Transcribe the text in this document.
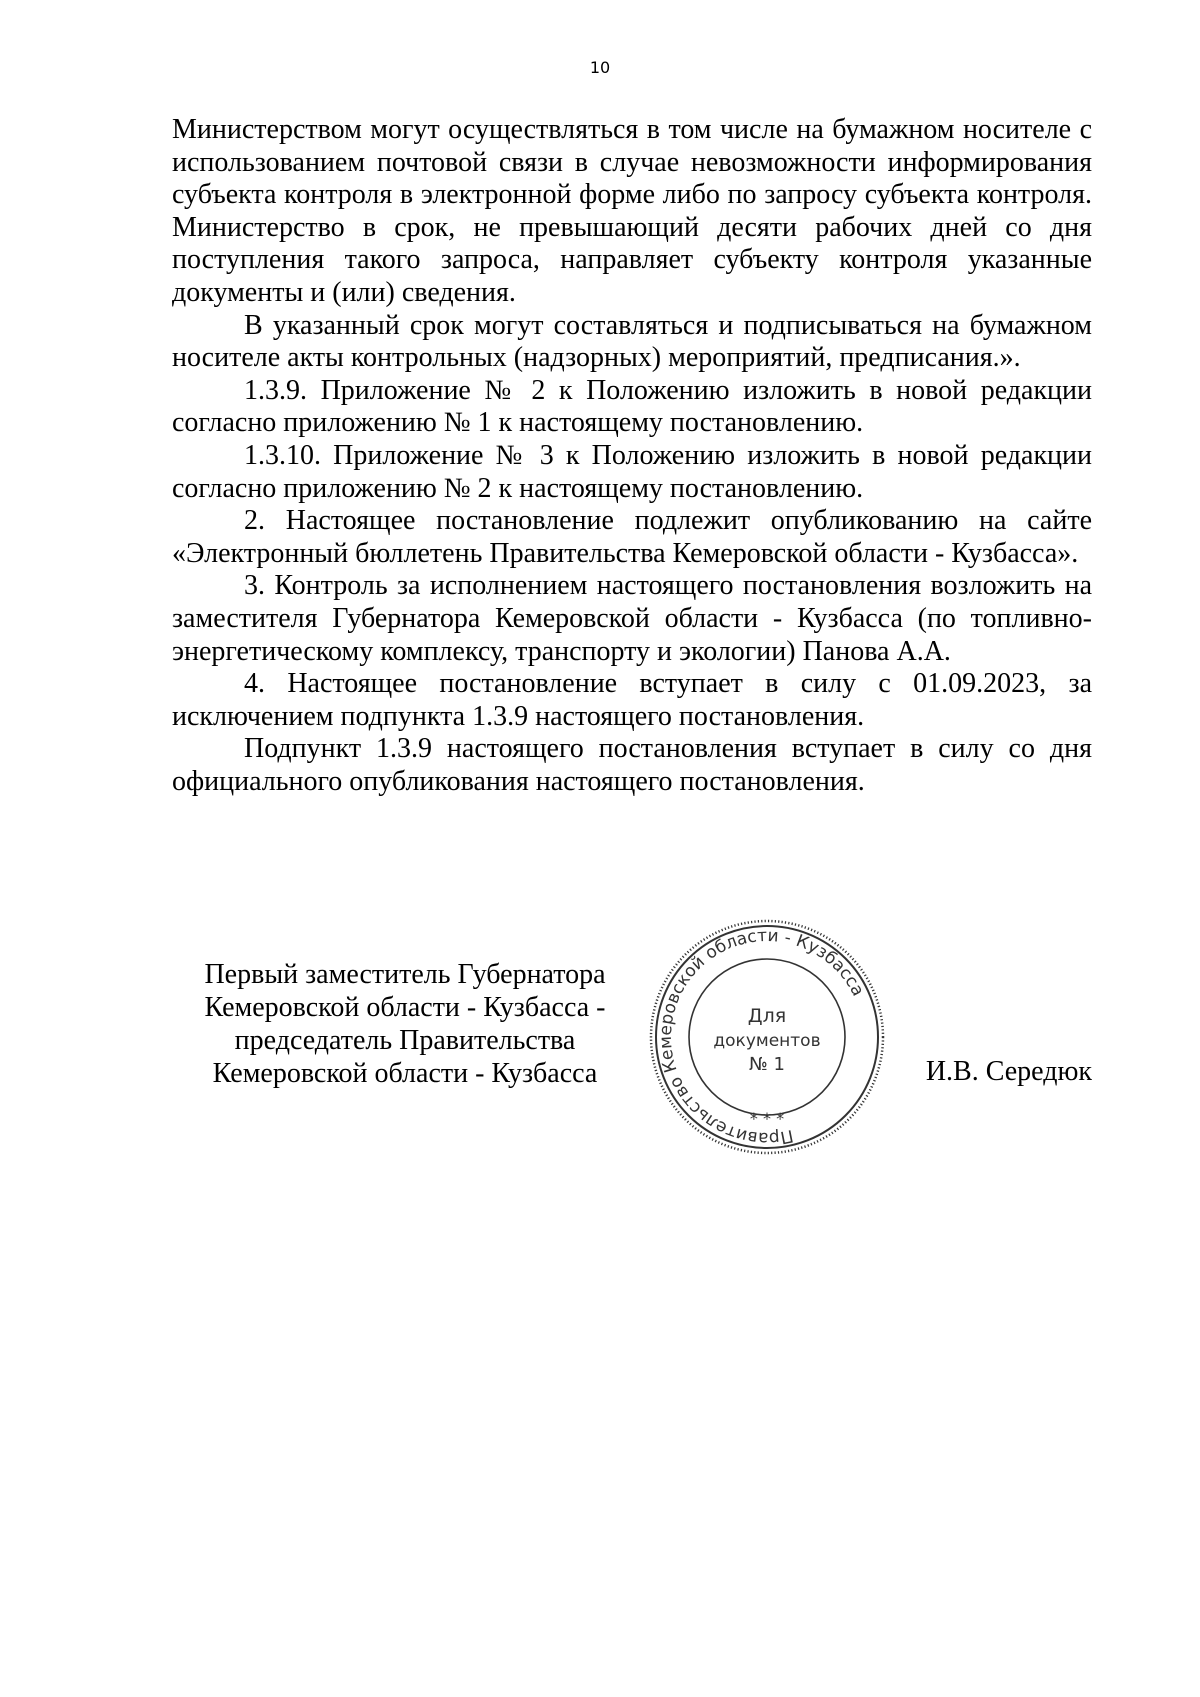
10

Министерством могут осуществляться в том числе на бумажном носителе с использованием почтовой связи в случае невозможности информирования субъекта контроля в электронной форме либо по запросу субъекта контроля. Министерство в срок, не превышающий десяти рабочих дней со дня поступления такого запроса, направляет субъекту контроля указанные документы и (или) сведения.

В указанный срок могут составляться и подписываться на бумажном носителе акты контрольных (надзорных) мероприятий, предписания.».

1.3.9. Приложение № 2 к Положению изложить в новой редакции согласно приложению № 1 к настоящему постановлению.

1.3.10. Приложение № 3 к Положению изложить в новой редакции согласно приложению № 2 к настоящему постановлению.

2. Настоящее постановление подлежит опубликованию на сайте «Электронный бюллетень Правительства Кемеровской области - Кузбасса».

3. Контроль за исполнением настоящего постановления возложить на заместителя Губернатора Кемеровской области - Кузбасса (по топливно-энергетическому комплексу, транспорту и экологии) Панова А.А.

4. Настоящее постановление вступает в силу с 01.09.2023, за исключением подпункта 1.3.9 настоящего постановления.

Подпункт 1.3.9 настоящего постановления вступает в силу со дня официального опубликования настоящего постановления.

Первый заместитель Губернатора
Кемеровской области - Кузбасса -
председатель Правительства
Кемеровской области - Кузбасса
Правительство Кемеровской области - Кузбасса
* * *
Для
документов
№ 1	И.В. Середюк
